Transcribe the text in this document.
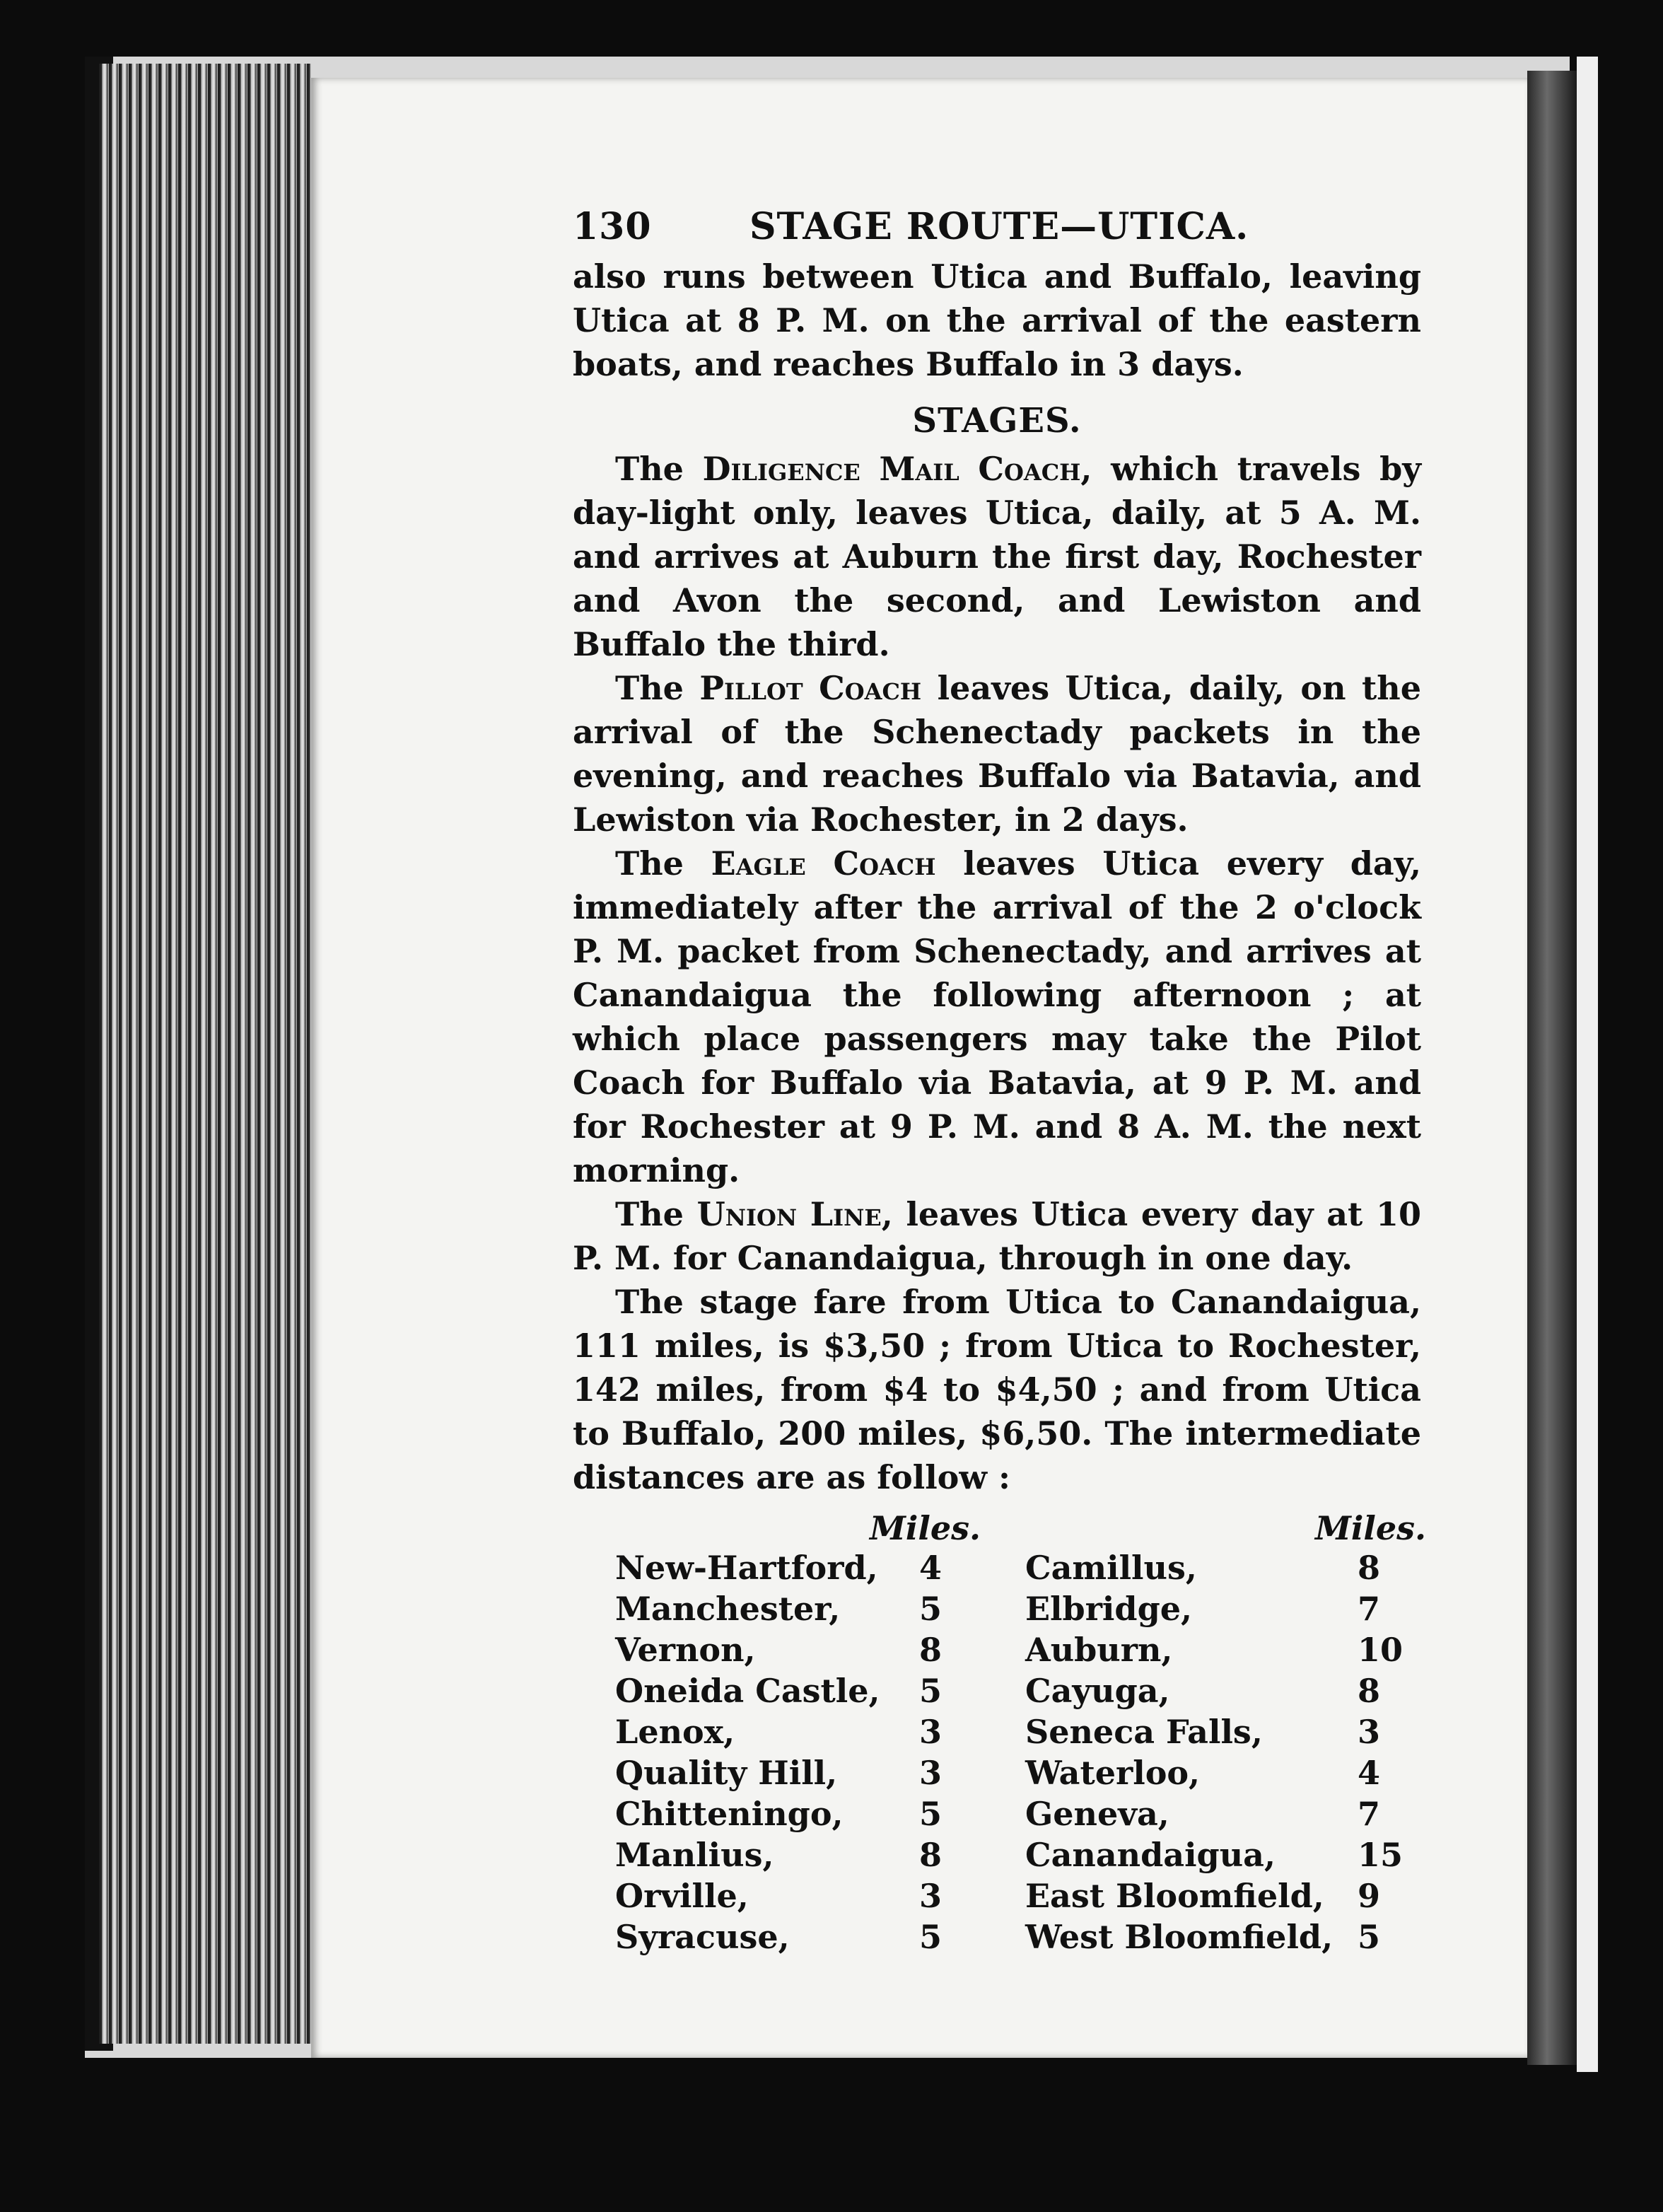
130	STAGE ROUTE—UTICA.

also runs between Utica and Buffalo, leaving Utica at 8 P. M. on the arrival of the eastern boats, and reaches Buffalo in 3 days.

STAGES.

The Diligence Mail Coach, which travels by day-light only, leaves Utica, daily, at 5 A. M. and arrives at Auburn the first day, Rochester and Avon the second, and Lewiston and Buffalo the third.

The Pillot Coach leaves Utica, daily, on the arrival of the Schenectady packets in the evening, and reaches Buffalo via Batavia, and Lewiston via Rochester, in 2 days.

The Eagle Coach leaves Utica every day, immediately after the arrival of the 2 o'clock P. M. packet from Schenectady, and arrives at Canandaigua the following afternoon ; at which place passengers may take the Pilot Coach for Buffalo via Batavia, at 9 P. M. and for Rochester at 9 P. M. and 8 A. M. the next morning.

The Union Line, leaves Utica every day at 10 P. M. for Canandaigua, through in one day.

The stage fare from Utica to Canandaigua, 111 miles, is $3,50 ; from Utica to Rochester, 142 miles, from $4 to $4,50 ; and from Utica to Buffalo, 200 miles, $6,50. The intermediate distances are as follow :

Miles.	Miles.
New-Hartford, 4	Camillus,	8
Manchester, 5	Elbridge,	7
Vernon,	8	Auburn,	10
Oneida Castle, 5	Cayuga,	8
Lenox,	3	Seneca Falls,	3
Quality Hill,	3	Waterloo,	4
Chitteningo, 5	Geneva,	7
Manlius,	8	Canandaigua,	15
Orville,	3	East Bloomfield, 9
Syracuse,	5	West Bloomfield, 5
